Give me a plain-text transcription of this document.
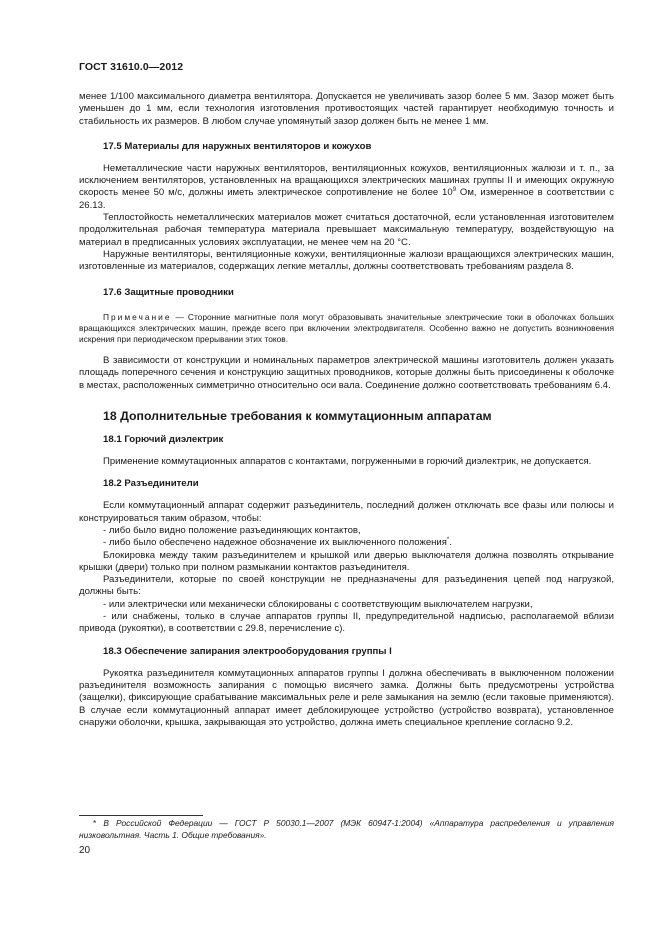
ГОСТ 31610.0—2012

менее 1/100 максимального диаметра вентилятора. Допускается не увеличивать зазор более 5 мм. Зазор может быть уменьшен до 1 мм, если технология изготовления противостоящих частей гарантирует необходимую точность и стабильность их размеров. В любом случае упомянутый зазор должен быть не менее 1 мм.

17.5 Материалы для наружных вентиляторов и кожухов

Неметаллические части наружных вентиляторов, вентиляционных кожухов, вентиляционных жалюзи и т. п., за исключением вентиляторов, установленных на вращающихся электрических машинах группы II и имеющих окружную скорость менее 50 м/с, должны иметь электрическое сопротивление не более $10^9$ Ом, измеренное в соответствии с 26.13.

Теплостойкость неметаллических материалов может считаться достаточной, если установленная изготовителем продолжительная рабочая температура материала превышает максимальную температуру, воздействующую на материал в предписанных условиях эксплуатации, не менее чем на 20 °С.

Наружные вентиляторы, вентиляционные кожухи, вентиляционные жалюзи вращающихся электрических машин, изготовленные из материалов, содержащих легкие металлы, должны соответствовать требованиям раздела 8.

17.6 Защитные проводники

Примечание — Сторонние магнитные поля могут образовывать значительные электрические токи в оболочках больших вращающихся электрических машин, прежде всего при включении электродвигателя. Особенно важно не допустить возникновения искрения при периодическом прерывании этих токов.

В зависимости от конструкции и номинальных параметров электрической машины изготовитель должен указать площадь поперечного сечения и конструкцию защитных проводников, которые должны быть присоединены к оболочке в местах, расположенных симметрично относительно оси вала. Соединение должно соответствовать требованиям 6.4.

18 Дополнительные требования к коммутационным аппаратам
18.1 Горючий диэлектрик

Применение коммутационных аппаратов с контактами, погруженными в горючий диэлектрик, не допускается.

18.2 Разъединители

Если коммутационный аппарат содержит разъединитель, последний должен отключать все фазы или полюсы и конструироваться таким образом, чтобы:

- либо было видно положение разъединяющих контактов,

- либо было обеспечено надежное обозначение их выключенного положения*.

Блокировка между таким разъединителем и крышкой или дверью выключателя должна позволять открывание крышки (двери) только при полном размыкании контактов разъединителя.

Разъединители, которые по своей конструкции не предназначены для разъединения цепей под нагрузкой, должны быть:

- или электрически или механически сблокированы с соответствующим выключателем нагрузки,

- или снабжены, только в случае аппаратов группы II, предупредительной надписью, располагаемой вблизи привода (рукоятки), в соответствии с 29.8, перечисление с).

18.3 Обеспечение запирания электрооборудования группы I

Рукоятка разъединителя коммутационных аппаратов группы I должна обеспечивать в выключенном положении разъединителя возможность запирания с помощью висячего замка. Должны быть предусмотрены устройства (защелки), фиксирующие срабатывание максимальных реле и реле замыкания на землю (если таковые применяются). В случае если коммутационный аппарат имеет деблокирующее устройство (устройство возврата), установленное снаружи оболочки, крышка, закрывающая это устройство, должна иметь специальное крепление согласно 9.2.

* В Российской Федерации — ГОСТ Р 50030.1—2007 (МЭК 60947-1:2004) «Аппаратура распределения и управления низковольтная. Часть 1. Общие требования».
20
